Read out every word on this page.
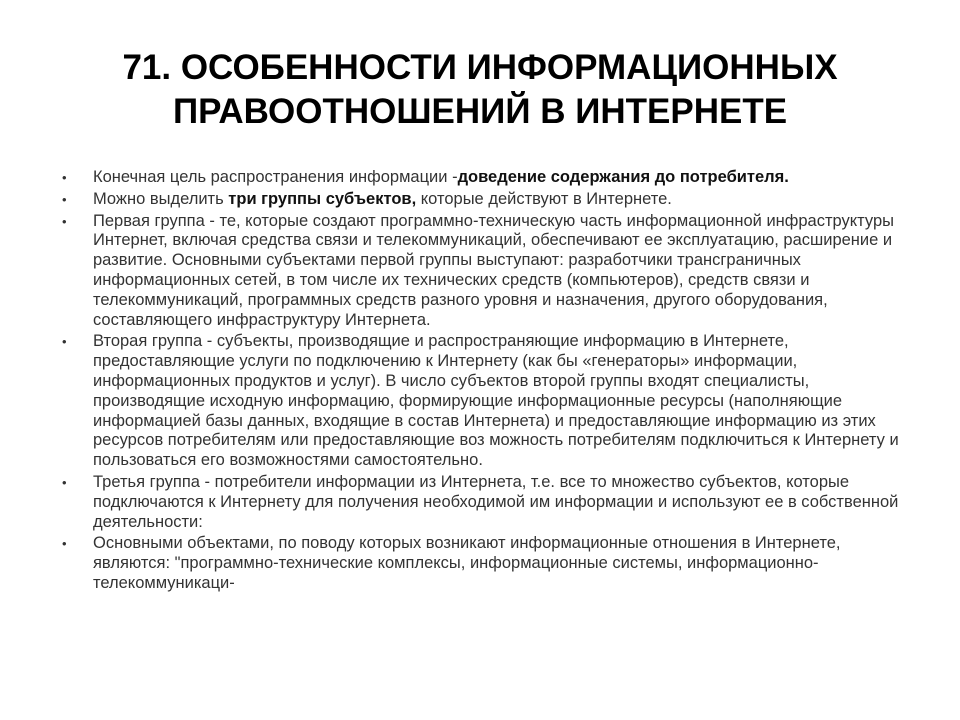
71. ОСОБЕННОСТИ ИНФОРМАЦИОННЫХ
ПРАВООТНОШЕНИЙ В ИНТЕРНЕТЕ
• Конечная цель распространения информации -доведение содержания до потребителя.
• Можно выделить три группы субъектов, которые действуют в Интернете.
• Первая группа - те, которые создают программно-техническую часть информационной инфраструктуры Интернет, включая средства связи и телекоммуникаций, обеспечивают ее эксплуатацию, расширение и развитие. Основными субъектами первой группы выступают: разработчики трансграничных информационных сетей, в том числе их технических средств (компьютеров), средств связи и телекоммуникаций, программных средств разного уровня и назначения, другого оборудования, составляющего инфраструктуру Интернета.
• Вторая группа - субъекты, производящие и распространяющие информацию в Интернете, предоставляющие услуги по подключению к Интернету (как бы «генераторы» информации, информационных продуктов и услуг). В число субъектов второй группы входят специалисты, производящие исходную информацию, формирующие информационные ресурсы (наполняющие информацией базы данных, входящие в состав Интернета) и предоставляющие информацию из этих ресурсов потребителям или предоставляющие воз можность потребителям подключиться к Интернету и пользоваться его возможностями самостоятельно.
• Третья группа - потребители информации из Интернета, т.е. все то множество субъектов, которые подключаются к Интернету для получения необходимой им информации и используют ее в собственной деятельности:
• Основными объектами, по поводу которых возникают информационные отношения в Интернете, являются: "программно-технические комплексы, информационные системы, информационно-телекоммуникаци-
